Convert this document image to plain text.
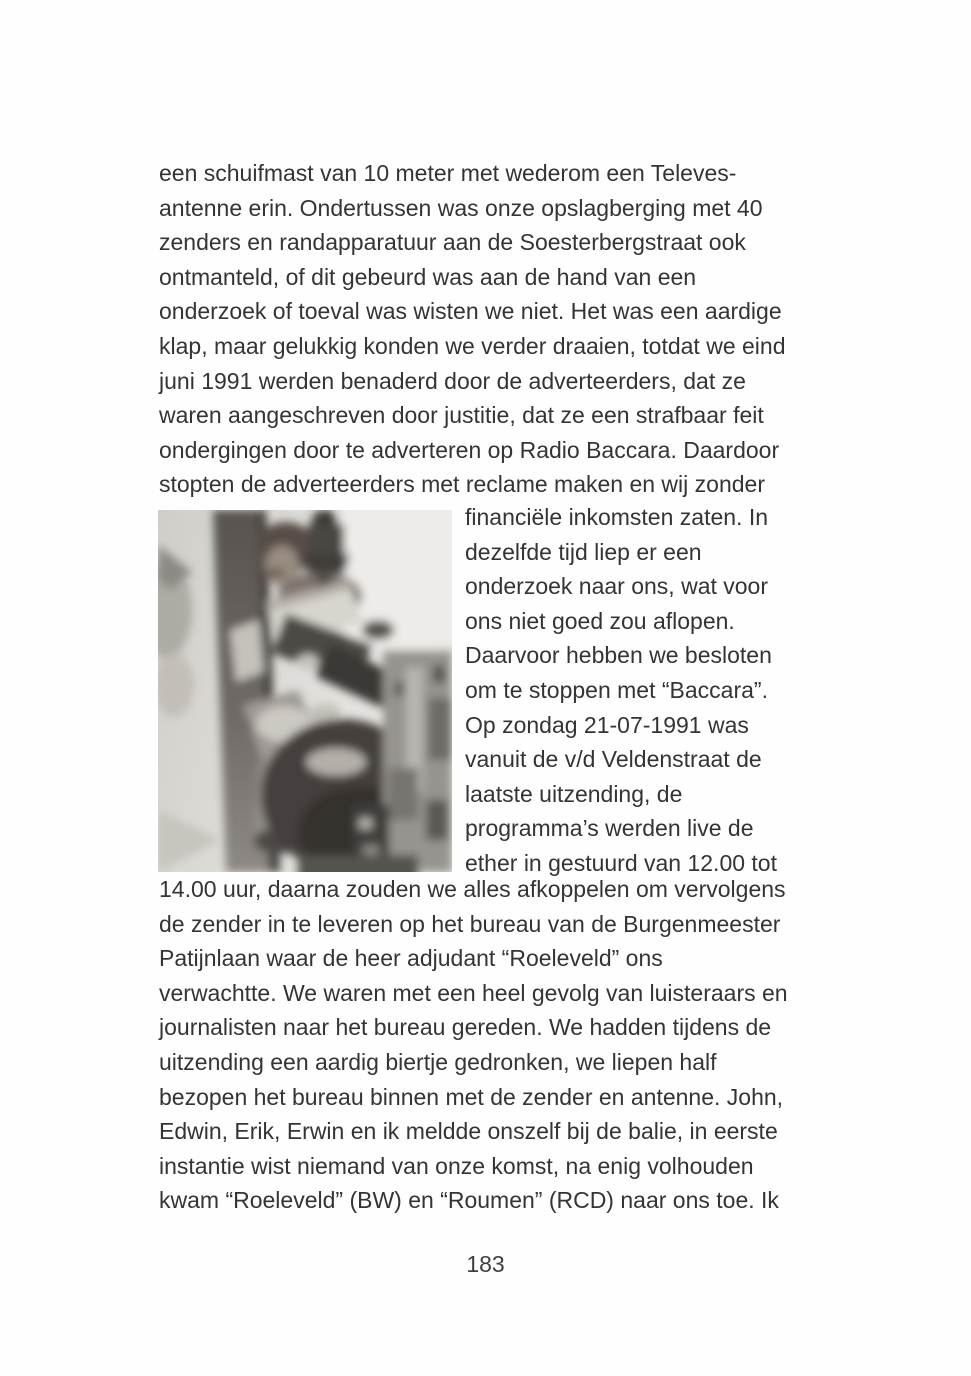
een schuifmast van 10 meter met wederom een Televes-
antenne erin. Ondertussen was onze opslagberging met 40
zenders en randapparatuur aan de Soesterbergstraat ook
ontmanteld, of dit gebeurd was aan de hand van een
onderzoek of toeval was wisten we niet. Het was een aardige
klap, maar gelukkig konden we verder draaien, totdat we eind
juni 1991 werden benaderd door de adverteerders, dat ze
waren aangeschreven door justitie, dat ze een strafbaar feit
ondergingen door te adverteren op Radio Baccara. Daardoor
stopten de adverteerders met reclame maken en wij zonder
financiële inkomsten zaten. In
dezelfde tijd liep er een
onderzoek naar ons, wat voor
ons niet goed zou aflopen.
Daarvoor hebben we besloten
om te stoppen met “Baccara”.
Op zondag 21-07-1991 was
vanuit de v/d Veldenstraat de
laatste uitzending, de
programma’s werden live de
ether in gestuurd van 12.00 tot
14.00 uur, daarna zouden we alles afkoppelen om vervolgens
de zender in te leveren op het bureau van de Burgenmeester
Patijnlaan waar de heer adjudant “Roeleveld” ons
verwachtte. We waren met een heel gevolg van luisteraars en
journalisten naar het bureau gereden. We hadden tijdens de
uitzending een aardig biertje gedronken, we liepen half
bezopen het bureau binnen met de zender en antenne. John,
Edwin, Erik, Erwin en ik meldde onszelf bij de balie, in eerste
instantie wist niemand van onze komst, na enig volhouden
kwam “Roeleveld” (BW) en “Roumen” (RCD) naar ons toe. Ik
183
